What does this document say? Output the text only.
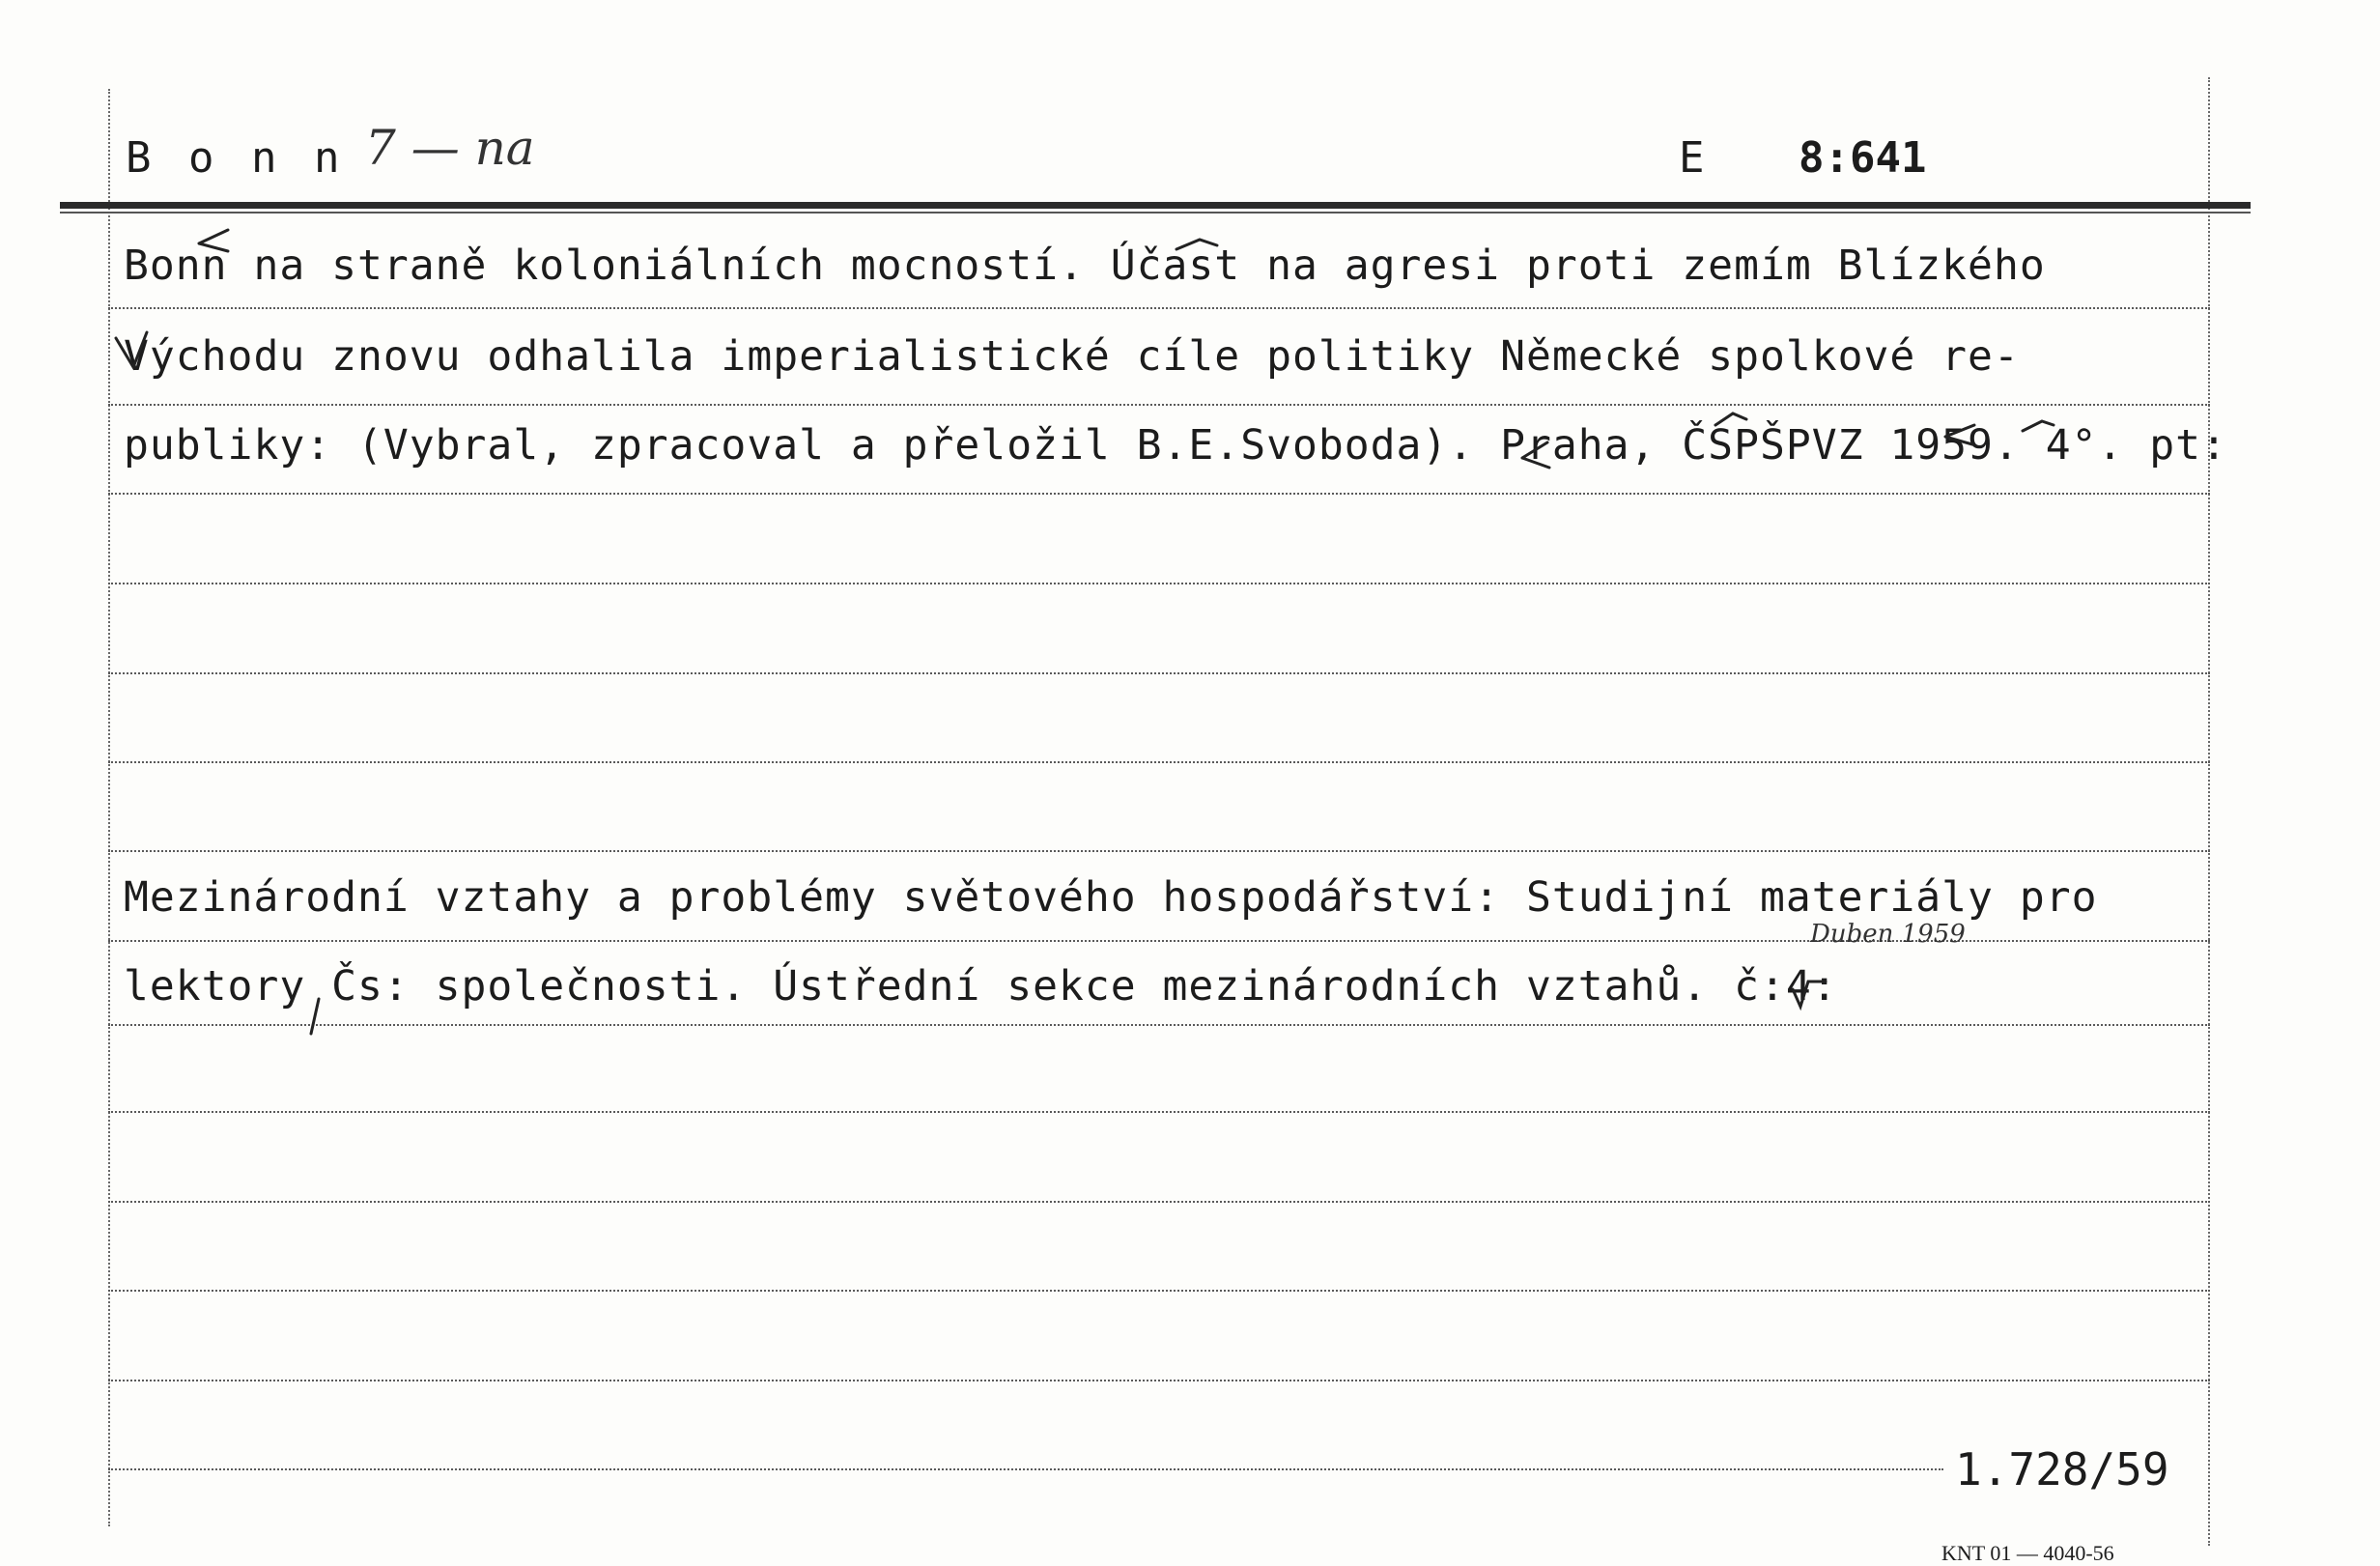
B o n n 7 — na	E 8:641
Bonn na straně koloniálních mocností. Účast na agresi proti zemím Blízkého
Východu znovu odhalila imperialistické cíle politiky Německé spolkové re-
publiky: (Vybral, zpracoval a přeložil B.E.Svoboda). Praha, ČSPŠPVZ 1959. 4°. pt:
Mezinárodní vztahy a problémy světového hospodářství: Studijní materiály pro
Duben 1959
lektory Čs: společnosti. Ústřední sekce mezinárodních vztahů. č:4:
1.728/59
KNT 01 — 4040-56
